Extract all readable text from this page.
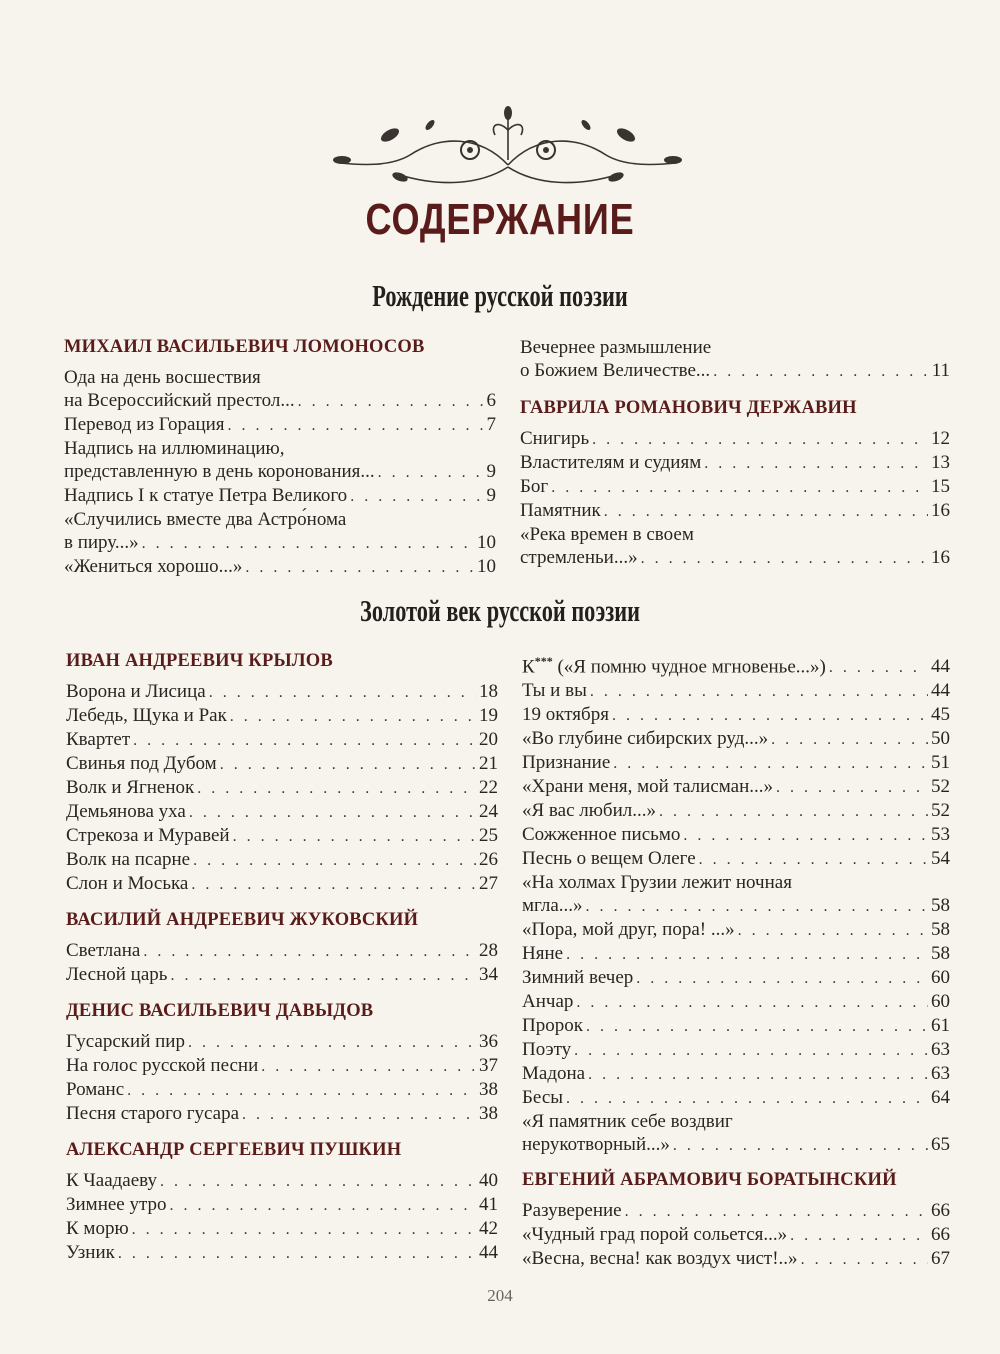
СОДЕРЖАНИЕ
Рождение русской поэзии
Золотой век русской поэзии
МИХАИЛ ВАСИЛЬЕВИЧ ЛОМОНОСОВ
Ода на день восшествия
на Всероссийский престол... . . .	6
Перевод из Горация . . .	7
Надпись на иллюминацию,
представленную в день коронования... . . .	9
Надпись I к статуе Петра Великого . . .	9
«Случились вместе два Астро́нома
в пиру...» . . .	10
«Жениться хорошо...» . . .	10
Вечернее размышление
о Божием Величестве... . . .	11
ГАВРИЛА РОМАНОВИЧ ДЕРЖАВИН
Снигирь . . .	12
Властителям и судиям . . .	13
Бог . . .	15
Памятник . . .	16
«Река времен в своем
стремленьи...» . . .	16
ИВАН АНДРЕЕВИЧ КРЫЛОВ
Ворона и Лисица . . .	18
Лебедь, Щука и Рак . . .	19
Квартет . . .	20
Свинья под Дубом . . .	21
Волк и Ягненок . . .	22
Демьянова уха . . .	24
Стрекоза и Муравей . . .	25
Волк на псарне . . .	26
Слон и Моська . . .	27
ВАСИЛИЙ АНДРЕЕВИЧ ЖУКОВСКИЙ
Светлана . . .	28
Лесной царь . . .	34
ДЕНИС ВАСИЛЬЕВИЧ ДАВЫДОВ
Гусарский пир . . .	36
На голос русской песни . . .	37
Романс . . .	38
Песня старого гусара . . .	38
АЛЕКСАНДР СЕРГЕЕВИЧ ПУШКИН
К Чаадаеву . . .	40
Зимнее утро . . .	41
К морю . . .	42
Узник . . .	44
К*** («Я помню чудное мгновенье...») . . .	44
Ты и вы . . .	44
19 октября . . .	45
«Во глубине сибирских руд...» . . .	50
Признание . . .	51
«Храни меня, мой талисман...» . . .	52
«Я вас любил...» . . .	52
Сожженное письмо . . .	53
Песнь о вещем Олеге . . .	54
«На холмах Грузии лежит ночная
мгла...» . . .	58
«Пора, мой друг, пора! ...» . . .	58
Няне . . .	58
Зимний вечер . . .	60
Анчар . . .	60
Пророк . . .	61
Поэту . . .	63
Мадона . . .	63
Бесы . . .	64
«Я памятник себе воздвиг
нерукотворный...» . . .	65
ЕВГЕНИЙ АБРАМОВИЧ БОРАТЫНСКИЙ
Разуверение . . .	66
«Чудный град порой сольется...» . . .	66
«Весна, весна! как воздух чист!..» . . .	67
204
